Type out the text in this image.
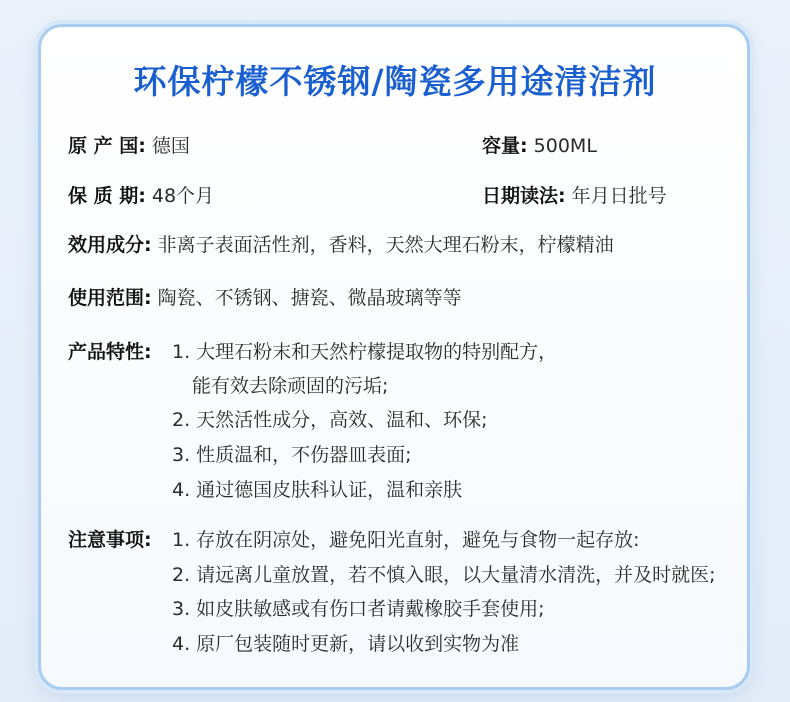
环保柠檬不锈钢/陶瓷多用途清洁剂
原 产 国: 德国	容量: 500ML
保 质 期: 48个月	日期读法: 年月日批号
效用成分: 非离子表面活性剂，香料，天然大理石粉末，柠檬精油
使用范围: 陶瓷、不锈钢、搪瓷、微晶玻璃等等
产品特性: 1. 大理石粉末和天然柠檬提取物的特别配方，
能有效去除顽固的污垢;
2. 天然活性成分，高效、温和、环保;
3. 性质温和，不伤器皿表面;
4. 通过德国皮肤科认证，温和亲肤
注意事项: 1. 存放在阴凉处，避免阳光直射，避免与食物一起存放:
2. 请远离儿童放置，若不慎入眼，以大量清水清洗，并及时就医;
3. 如皮肤敏感或有伤口者请戴橡胶手套使用;
4. 原厂包装随时更新，请以收到实物为准
